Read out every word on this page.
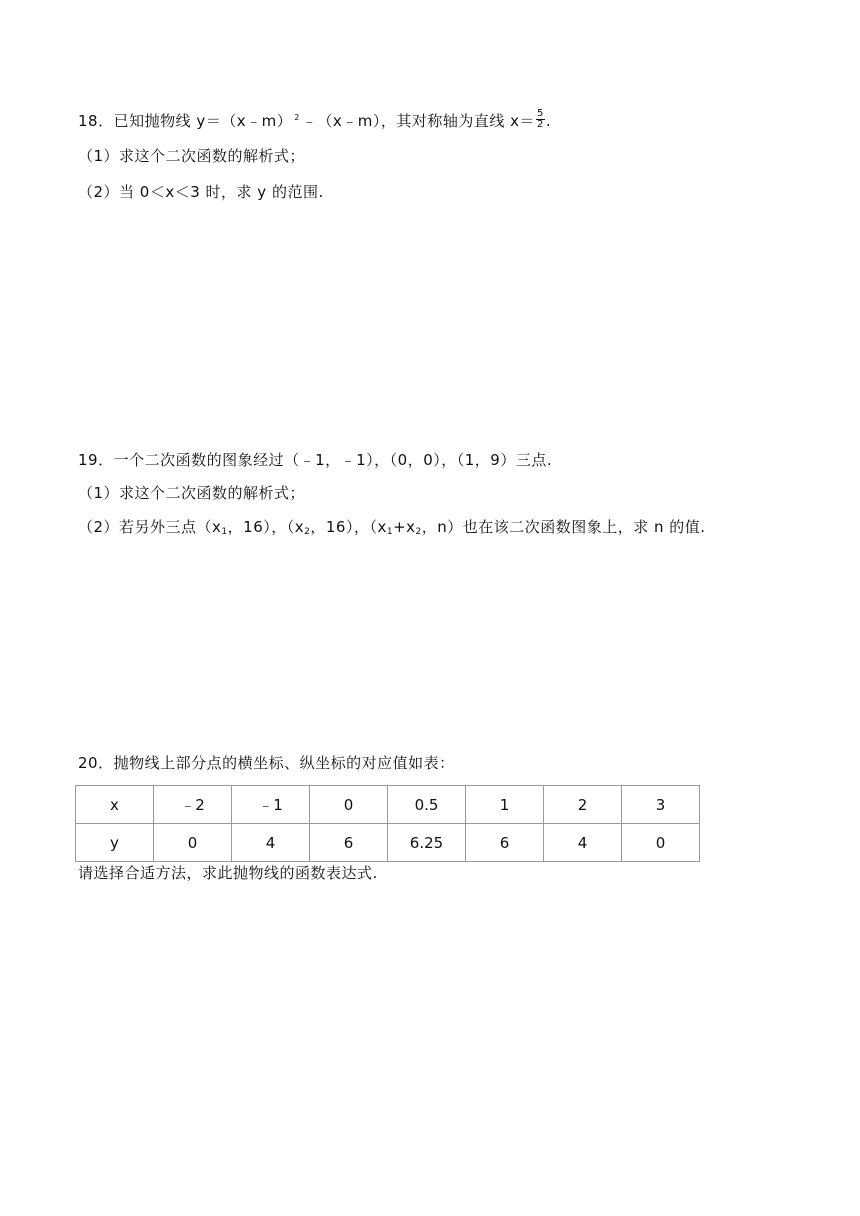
18．已知抛物线 y＝（x﹣m） $^2$ ﹣（x﹣m），其对称轴为直线 $x= \frac{5}{2}$ .
（1）求这个二次函数的解析式；
（2）当 0＜x＜3 时，求 y 的范围.
19．一个二次函数的图象经过（﹣1，﹣1），（0，0），（1，9）三点.
（1）求这个二次函数的解析式；
（2）若另外三点（$x_1$，16），（$x_2$，16），（$x_1+x_2$，n）也在该二次函数图象上，求 n 的值.
20．抛物线上部分点的横坐标、纵坐标的对应值如表：
x	﹣2	﹣1	0	0.5	1	2	3
y	0	4	6	6.25	6	4	0
请选择合适方法，求此抛物线的函数表达式.
